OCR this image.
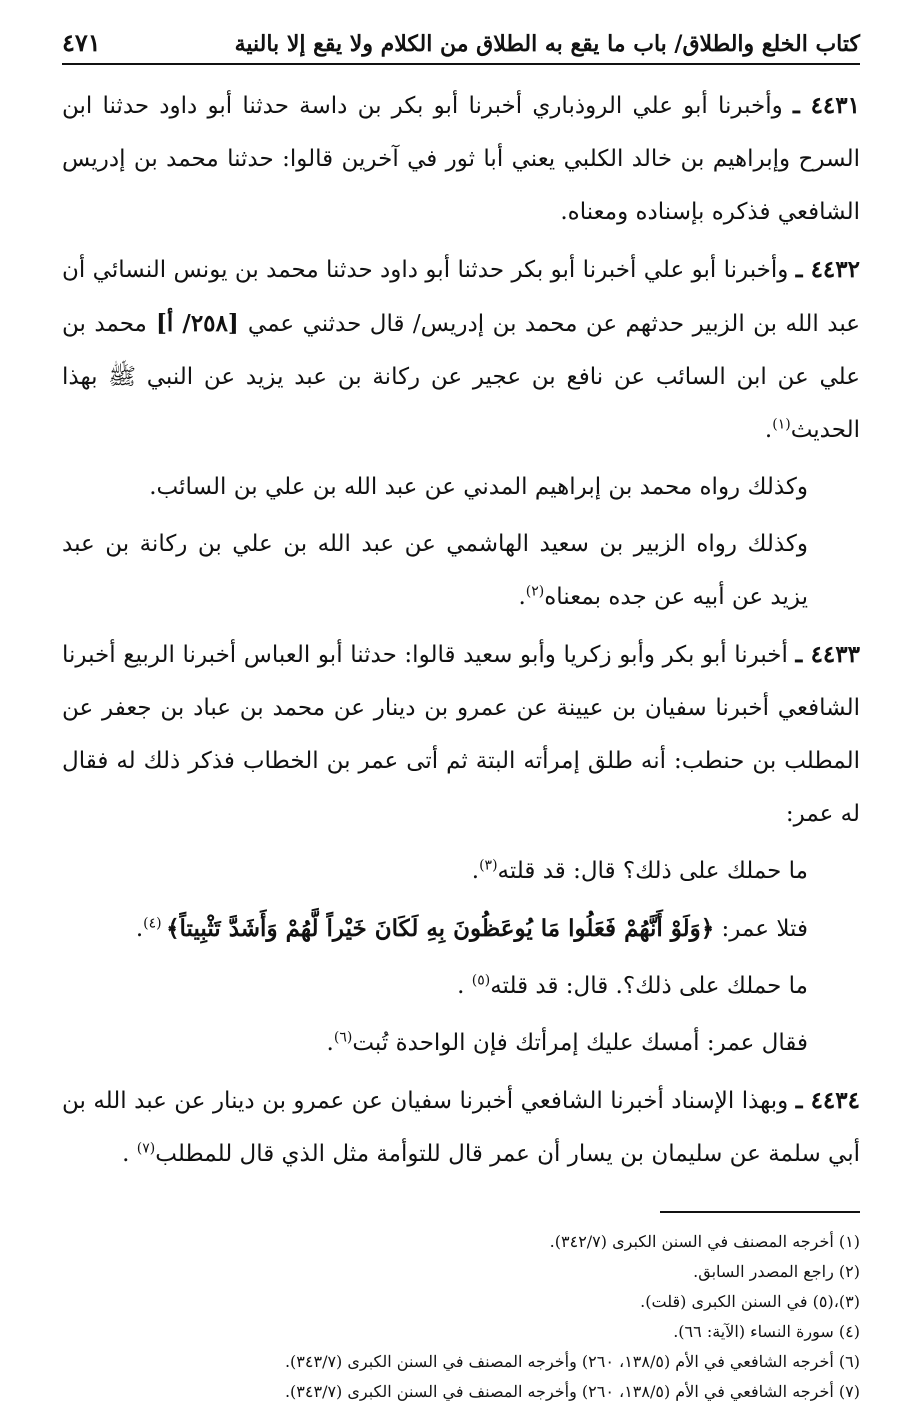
كتاب الخلع والطلاق/ باب ما يقع به الطلاق من الكلام ولا يقع إلا بالنية
٤٧١

٤٤٣١ ـ وأخبرنا أبو علي الروذباري أخبرنا أبو بكر بن داسة حدثنا أبو داود حدثنا ابن السرح وإبراهيم بن خالد الكلبي يعني أبا ثور في آخرين قالوا: حدثنا محمد بن إدريس الشافعي فذكره بإسناده ومعناه.

٤٤٣٢ ـ وأخبرنا أبو علي أخبرنا أبو بكر حدثنا أبو داود حدثنا محمد بن يونس النسائي أن عبد الله بن الزبير حدثهم عن محمد بن إدريس/ قال حدثني عمي [٢٥٨/ أ] محمد بن علي عن ابن السائب عن نافع بن عجير عن ركانة بن عبد يزيد عن النبي ﷺ بهذا الحديث$^{(١)}$.

وكذلك رواه محمد بن إبراهيم المدني عن عبد الله بن علي بن السائب.

وكذلك رواه الزبير بن سعيد الهاشمي عن عبد الله بن علي بن ركانة بن عبد يزيد عن أبيه عن جده بمعناه$^{(٢)}$.

٤٤٣٣ ـ أخبرنا أبو بكر وأبو زكريا وأبو سعيد قالوا: حدثنا أبو العباس أخبرنا الربيع أخبرنا الشافعي أخبرنا سفيان بن عيينة عن عمرو بن دينار عن محمد بن عباد بن جعفر عن المطلب بن حنطب: أنه طلق إمرأته البتة ثم أتى عمر بن الخطاب فذكر ذلك له فقال له عمر:

ما حملك على ذلك؟ قال: قد قلته$^{(٣)}$.

فتلا عمر: ﴿وَلَوْ أَنَّهُمْ فَعَلُوا مَا يُوعَظُونَ بِهِ لَكَانَ خَيْراً لَّهُمْ وَأَشَدَّ تَثْبِيتاً﴾ $^{(٤)}$.

ما حملك على ذلك؟. قال: قد قلته$^{(٥)}$ .

فقال عمر: أمسك عليك إمرأتك فإن الواحدة تُبت$^{(٦)}$.

٤٤٣٤ ـ وبهذا الإسناد أخبرنا الشافعي أخبرنا سفيان عن عمرو بن دينار عن عبد الله بن أبي سلمة عن سليمان بن يسار أن عمر قال للتوأمة مثل الذي قال للمطلب$^{(٧)}$ .

(١) أخرجه المصنف في السنن الكبرى (٣٤٢/٧).
(٢) راجع المصدر السابق.
(٣)،(٥) في السنن الكبرى (قلت).
(٤) سورة النساء (الآية: ٦٦).
(٦) أخرجه الشافعي في الأم (١٣٨/٥، ٢٦٠) وأخرجه المصنف في السنن الكبرى (٣٤٣/٧).
(٧) أخرجه الشافعي في الأم (١٣٨/٥، ٢٦٠) وأخرجه المصنف في السنن الكبرى (٣٤٣/٧).
